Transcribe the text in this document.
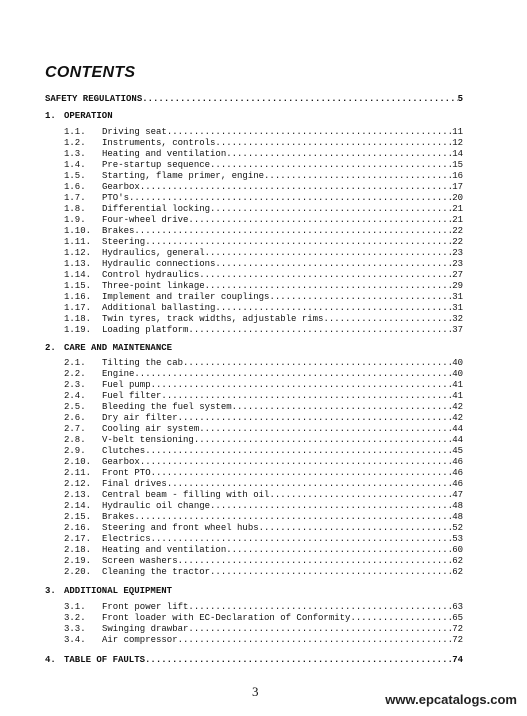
CONTENTS
SAFETY REGULATIONS .....	5
1. OPERATION
1.1.	Driving seat .....	11
1.2.	Instruments, controls .....	12
1.3.	Heating and ventilation .....	14
1.4.	Pre-startup sequence .....	15
1.5.	Starting, flame primer, engine .....	16
1.6.	Gearbox .....	17
1.7.	PTO's .....	20
1.8.	Differential locking .....	21
1.9.	Four-wheel drive .....	21
1.10.	Brakes .....	22
1.11.	Steering .....	22
1.12.	Hydraulics, general .....	23
1.13.	Hydraulic connections .....	23
1.14.	Control hydraulics .....	27
1.15.	Three-point linkage .....	29
1.16.	Implement and trailer couplings .....	31
1.17.	Additional ballasting .....	31
1.18.	Twin tyres, track widths, adjustable rims .....	32
1.19.	Loading platform .....	37
2. CARE AND MAINTENANCE
2.1.	Tilting the cab .....	40
2.2.	Engine .....	40
2.3.	Fuel pump .....	41
2.4.	Fuel filter .....	41
2.5.	Bleeding the fuel system .....	42
2.6.	Dry air filter .....	42
2.7.	Cooling air system .....	44
2.8.	V-belt tensioning .....	44
2.9.	Clutches .....	45
2.10.	Gearbox .....	46
2.11.	Front PTO .....	46
2.12.	Final drives .....	46
2.13.	Central beam - filling with oil .....	47
2.14.	Hydraulic oil change .....	48
2.15.	Brakes .....	48
2.16.	Steering and front wheel hubs .....	52
2.17.	Electrics .....	53
2.18.	Heating and ventilation .....	60
2.19.	Screen washers .....	62
2.20.	Cleaning the tractor .....	62
3. ADDITIONAL EQUIPMENT
3.1.	Front power lift .....	63
3.2.	Front loader with EC-Declaration of Conformity .....	65
3.3.	Swinging drawbar .....	72
3.4.	Air compressor .....	72
4. TABLE OF FAULTS .....	74
3
www.epcatalogs.com
